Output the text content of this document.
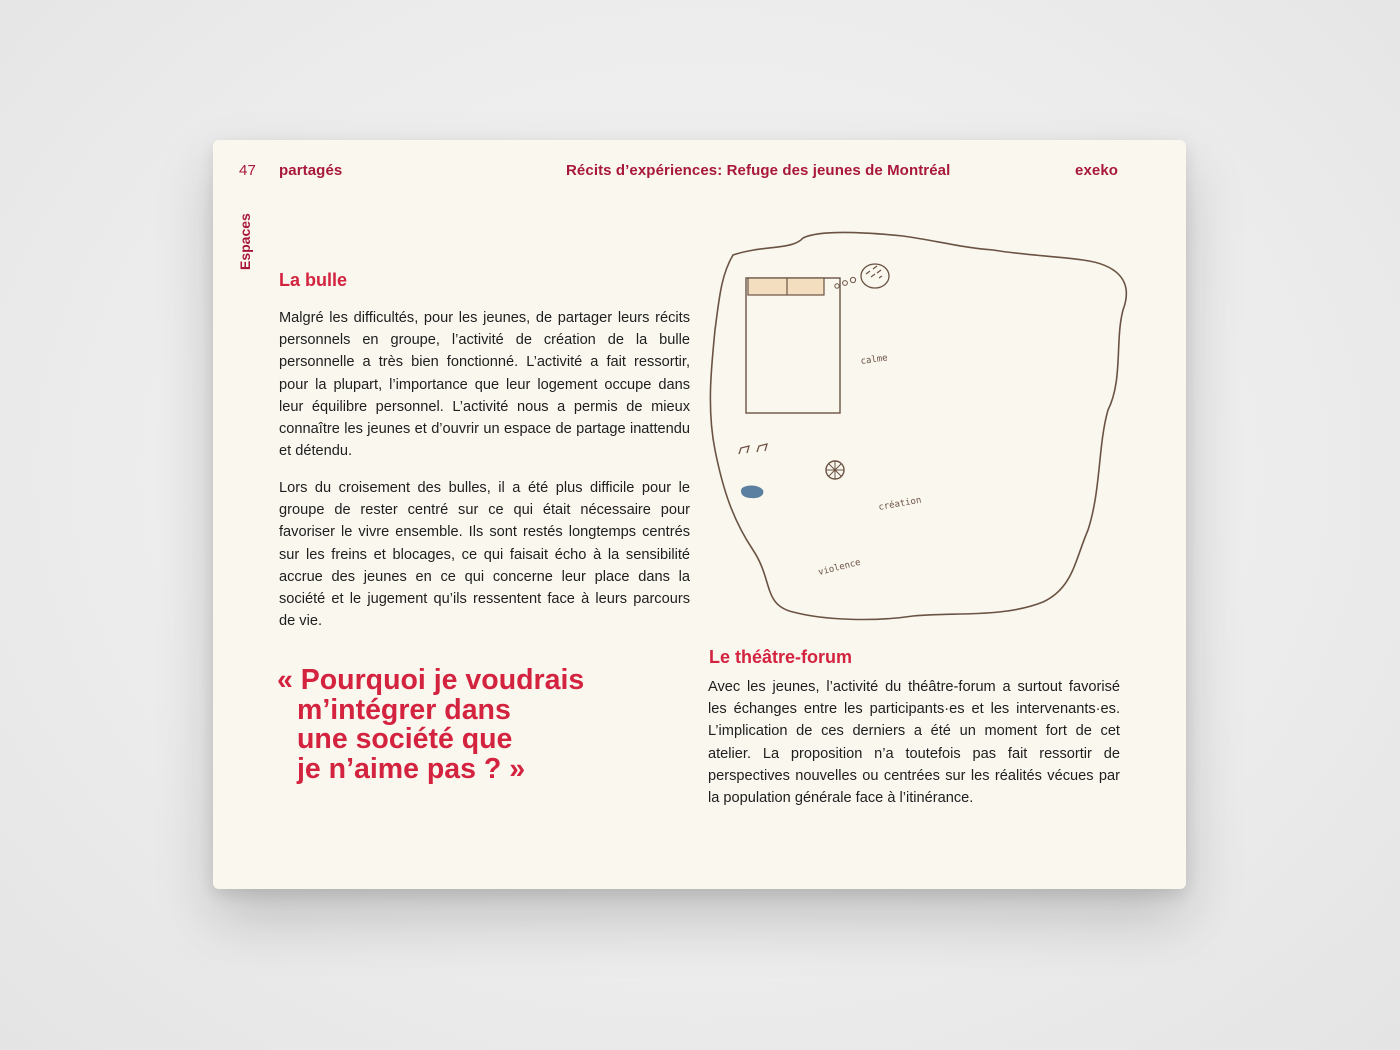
47 partagés	Récits d’expériences: Refuge des jeunes de Montréal	exeko
Espaces
La bulle

Malgré les difficultés, pour les jeunes, de partager leurs récits personnels en groupe, l’activité de création de la bulle personnelle a très bien fonctionné. L’activité a fait ressortir, pour la plupart, l’importance que leur logement occupe dans leur équilibre personnel. L’activité nous a permis de mieux connaître les jeunes et d’ouvrir un espace de partage inattendu et détendu.

Lors du croisement des bulles, il a été plus difficile pour le groupe de rester centré sur ce qui était nécessaire pour favoriser le vivre ensemble. Ils sont restés longtemps centrés sur les freins et blocages, ce qui faisait écho à la sensibilité accrue des jeunes en ce qui concerne leur place dans la société et le jugement qu’ils ressentent face à leurs parcours de vie.

« Pourquoi je voudrais
m’intégrer dans
une société que
je n’aime pas ? »
calme
création
violence
Le théâtre-forum

Avec les jeunes, l’activité du théâtre-forum a surtout favorisé les échanges entre les participants·es et les intervenants·es. L’implication de ces derniers a été un moment fort de cet atelier. La proposition n’a toutefois pas fait ressortir de perspectives nouvelles ou centrées sur les réalités vécues par la population générale face à l’itinérance.
